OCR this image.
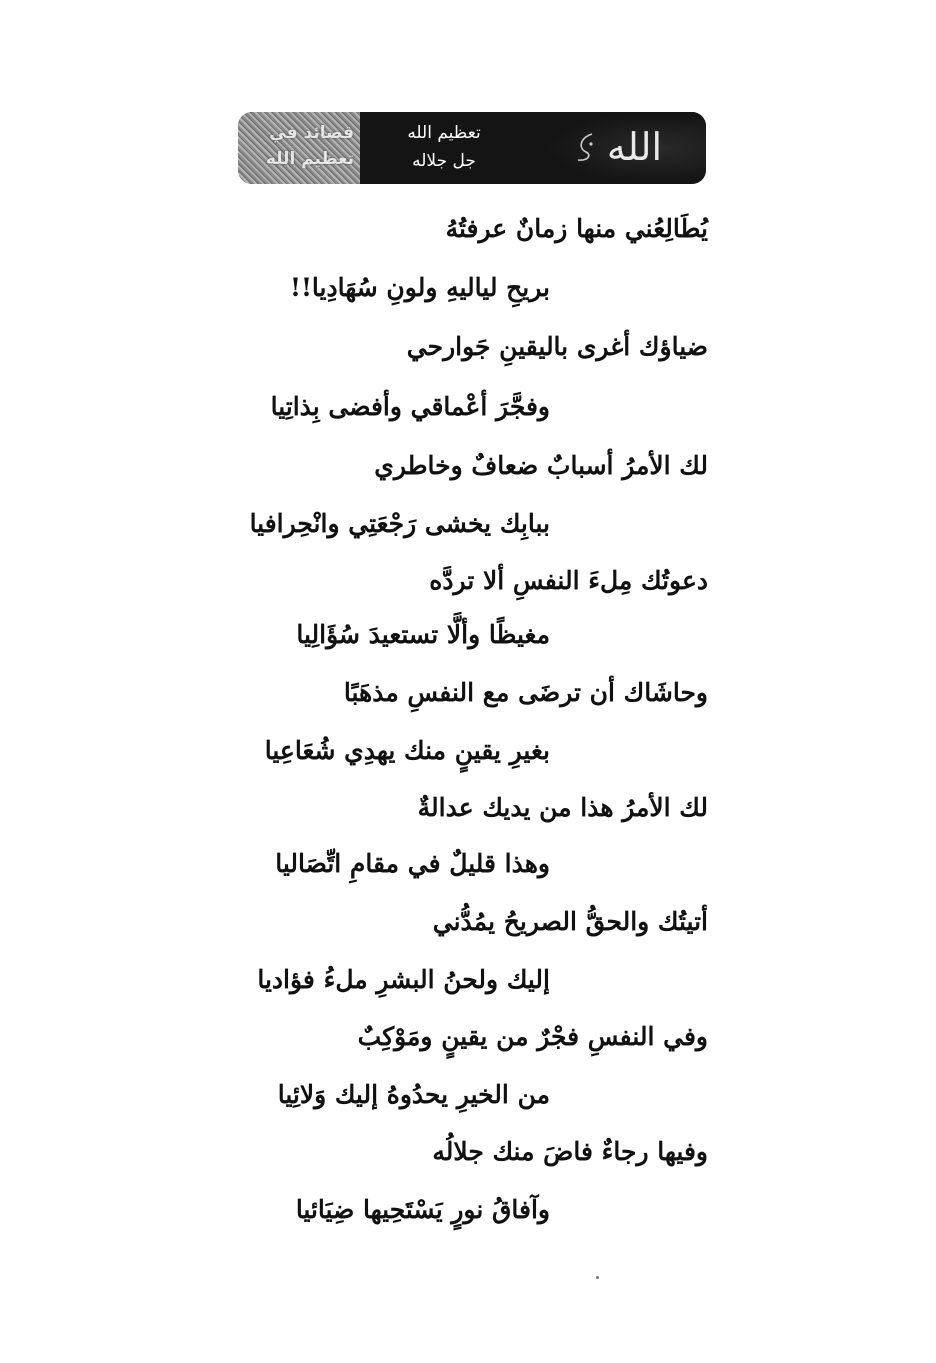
قصائد في
تعظيم الله
تعظيم الله
جل جلاله	الله
يُطَالِعُني منها زمانٌ عرفتُهُ
بريحِ لياليهِ ولونِ سُهَادِيا!!
ضياؤك أغرى باليقينِ جَوارحي
وفجَّرَ أعْماقي وأفضى بِذاتِيا
لك الأمرُ أسبابٌ ضعافٌ وخاطري
ببابِك يخشى رَجْعَتِي وانْحِرافيا
دعوتُك مِلءَ النفسِ ألا تردَّه
مغيظًا وألَّا تستعيدَ سُؤَالِيا
وحاشَاك أن ترضَى مع النفسِ مذهَبًا
بغيرِ يقينٍ منك يهدِي شُعَاعِيا
لك الأمرُ هذا من يديك عدالةٌ
وهذا قليلٌ في مقامِ اتِّصَاليا
أتيتُك والحقُّ الصريحُ يمُدُّني
إليك ولحنُ البشرِ ملءُ فؤاديا
وفي النفسِ فجْرٌ من يقينٍ ومَوْكِبٌ
من الخيرِ يحدُوهُ إليك وَلائِيا
وفيها رجاءٌ فاضَ منك جلالُه
وآفاقُ نورٍ يَسْتَحِيها ضِيَائيا
